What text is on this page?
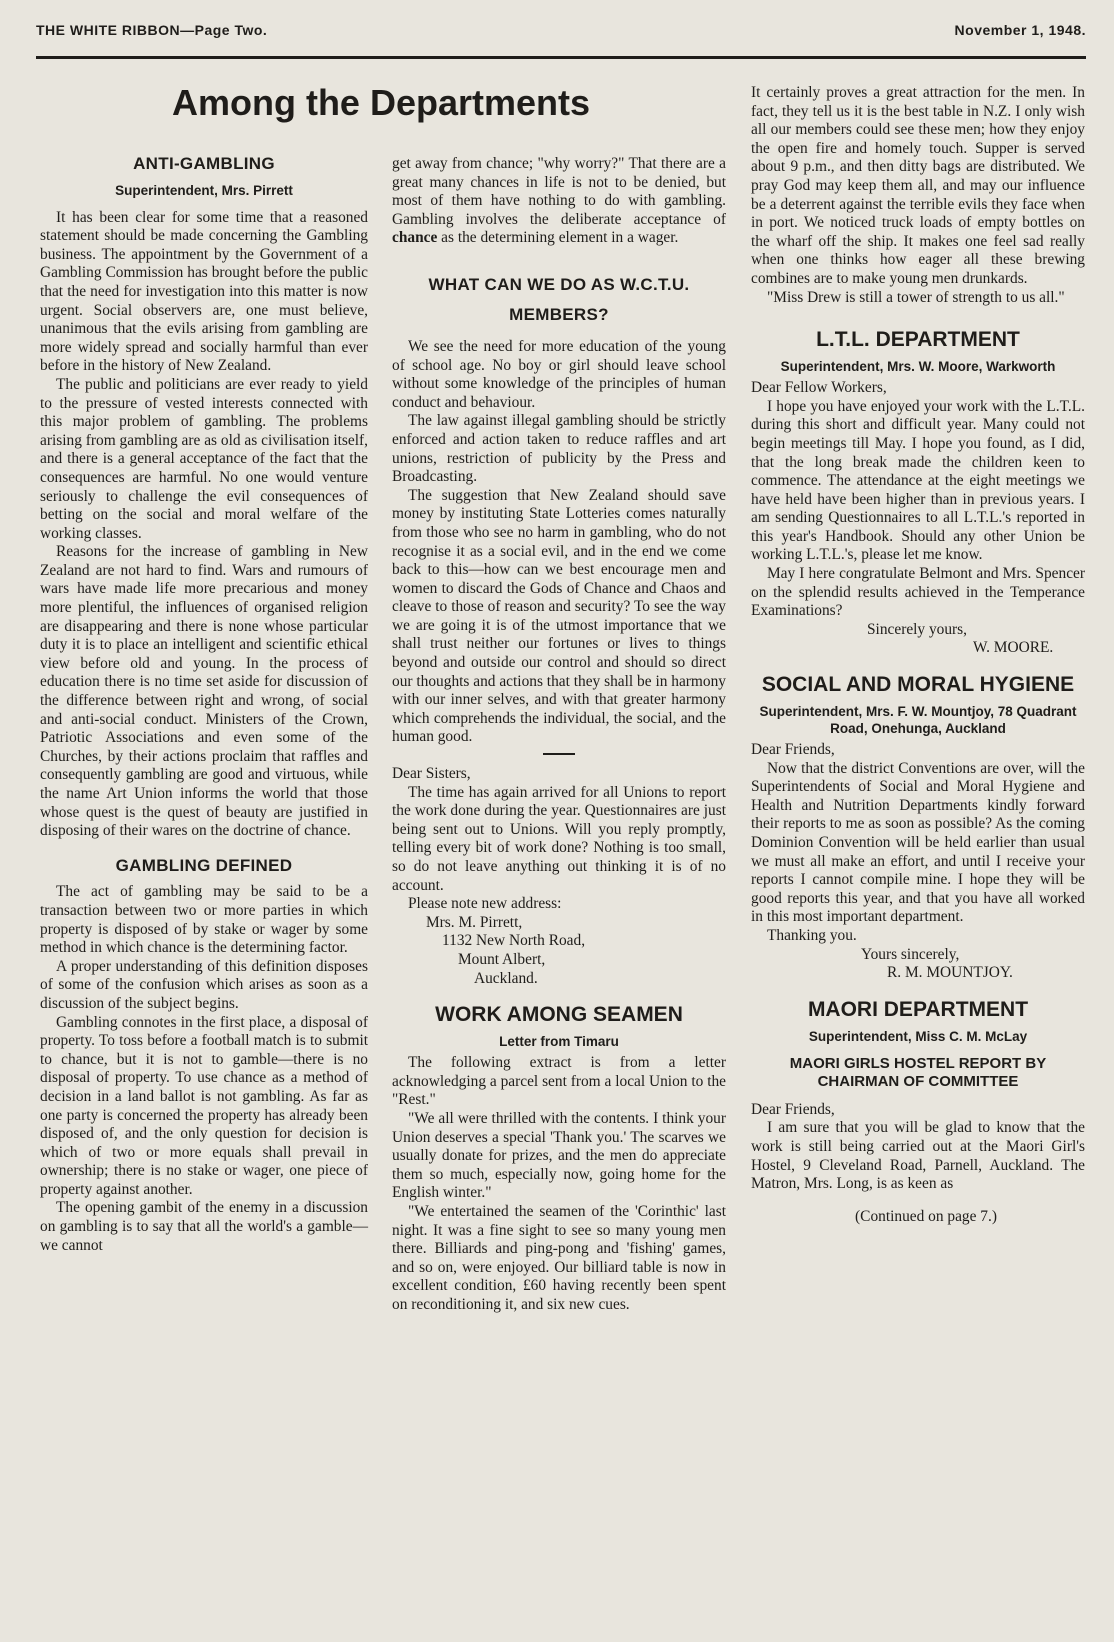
THE WHITE RIBBON—Page Two.	November 1, 1948.
Among the Departments
ANTI-GAMBLING
Superintendent, Mrs. Pirrett

It has been clear for some time that a reasoned statement should be made concerning the Gambling business. The appointment by the Government of a Gambling Commission has brought before the public that the need for investigation into this matter is now urgent. Social observers are, one must believe, unanimous that the evils arising from gambling are more widely spread and socially harmful than ever before in the history of New Zealand.

The public and politicians are ever ready to yield to the pressure of vested interests connected with this major problem of gambling. The problems arising from gambling are as old as civilisation itself, and there is a general acceptance of the fact that the consequences are harmful. No one would venture seriously to challenge the evil consequences of betting on the social and moral welfare of the working classes.

Reasons for the increase of gambling in New Zealand are not hard to find. Wars and rumours of wars have made life more precarious and money more plentiful, the influences of organised religion are disappearing and there is none whose particular duty it is to place an intelligent and scientific ethical view before old and young. In the process of education there is no time set aside for discussion of the difference between right and wrong, of social and anti-social conduct. Ministers of the Crown, Patriotic Associations and even some of the Churches, by their actions proclaim that raffles and consequently gambling are good and virtuous, while the name Art Union informs the world that those whose quest is the quest of beauty are justified in disposing of their wares on the doctrine of chance.

GAMBLING DEFINED

The act of gambling may be said to be a transaction between two or more parties in which property is disposed of by stake or wager by some method in which chance is the determining factor.

A proper understanding of this definition disposes of some of the confusion which arises as soon as a discussion of the subject begins.

Gambling connotes in the first place, a disposal of property. To toss before a football match is to submit to chance, but it is not to gamble—there is no disposal of property. To use chance as a method of decision in a land ballot is not gambling. As far as one party is concerned the property has already been disposed of, and the only question for decision is which of two or more equals shall prevail in ownership; there is no stake or wager, one piece of property against another.

The opening gambit of the enemy in a discussion on gambling is to say that all the world's a gamble—we cannot

get away from chance; "why worry?" That there are a great many chances in life is not to be denied, but most of them have nothing to do with gambling. Gambling involves the deliberate acceptance of chance as the determining element in a wager.

WHAT CAN WE DO AS W.C.T.U. MEMBERS?

We see the need for more education of the young of school age. No boy or girl should leave school without some knowledge of the principles of human conduct and behaviour.

The law against illegal gambling should be strictly enforced and action taken to reduce raffles and art unions, restriction of publicity by the Press and Broadcasting.

The suggestion that New Zealand should save money by instituting State Lotteries comes naturally from those who see no harm in gambling, who do not recognise it as a social evil, and in the end we come back to this—how can we best encourage men and women to discard the Gods of Chance and Chaos and cleave to those of reason and security? To see the way we are going it is of the utmost importance that we shall trust neither our fortunes or lives to things beyond and outside our control and should so direct our thoughts and actions that they shall be in harmony with our inner selves, and with that greater harmony which comprehends the individual, the social, and the human good.

Dear Sisters,

The time has again arrived for all Unions to report the work done during the year. Questionnaires are just being sent out to Unions. Will you reply promptly, telling every bit of work done? Nothing is too small, so do not leave anything out thinking it is of no account.

Please note new address:

Mrs. M. Pirrett,

1132 New North Road,

Mount Albert,

Auckland.

WORK AMONG SEAMEN
Letter from Timaru

The following extract is from a letter acknowledging a parcel sent from a local Union to the "Rest."

"We all were thrilled with the contents. I think your Union deserves a special 'Thank you.' The scarves we usually donate for prizes, and the men do appreciate them so much, especially now, going home for the English winter."

"We entertained the seamen of the 'Corinthic' last night. It was a fine sight to see so many young men there. Billiards and ping-pong and 'fishing' games, and so on, were enjoyed. Our billiard table is now in excellent condition, £60 having recently been spent on reconditioning it, and six new cues.

It certainly proves a great attraction for the men. In fact, they tell us it is the best table in N.Z. I only wish all our members could see these men; how they enjoy the open fire and homely touch. Supper is served about 9 p.m., and then ditty bags are distributed. We pray God may keep them all, and may our influence be a deterrent against the terrible evils they face when in port. We noticed truck loads of empty bottles on the wharf off the ship. It makes one feel sad really when one thinks how eager all these brewing combines are to make young men drunkards.

"Miss Drew is still a tower of strength to us all."

L.T.L. DEPARTMENT
Superintendent, Mrs. W. Moore, Warkworth

Dear Fellow Workers,

I hope you have enjoyed your work with the L.T.L. during this short and difficult year. Many could not begin meetings till May. I hope you found, as I did, that the long break made the children keen to commence. The attendance at the eight meetings we have held have been higher than in previous years. I am sending Questionnaires to all L.T.L.'s reported in this year's Handbook. Should any other Union be working L.T.L.'s, please let me know.

May I here congratulate Belmont and Mrs. Spencer on the splendid results achieved in the Temperance Examinations?

Sincerely yours,

W. MOORE.

SOCIAL AND MORAL HYGIENE
Superintendent, Mrs. F. W. Mountjoy, 78 Quadrant Road, Onehunga, Auckland

Dear Friends,

Now that the district Conventions are over, will the Superintendents of Social and Moral Hygiene and Health and Nutrition Departments kindly forward their reports to me as soon as possible? As the coming Dominion Convention will be held earlier than usual we must all make an effort, and until I receive your reports I cannot compile mine. I hope they will be good reports this year, and that you have all worked in this most important department.

Thanking you.

Yours sincerely,

R. M. MOUNTJOY.

MAORI DEPARTMENT
Superintendent, Miss C. M. McLay
MAORI GIRLS HOSTEL REPORT BY CHAIRMAN OF COMMITTEE

Dear Friends,

I am sure that you will be glad to know that the work is still being carried out at the Maori Girl's Hostel, 9 Cleveland Road, Parnell, Auckland. The Matron, Mrs. Long, is as keen as

(Continued on page 7.)
